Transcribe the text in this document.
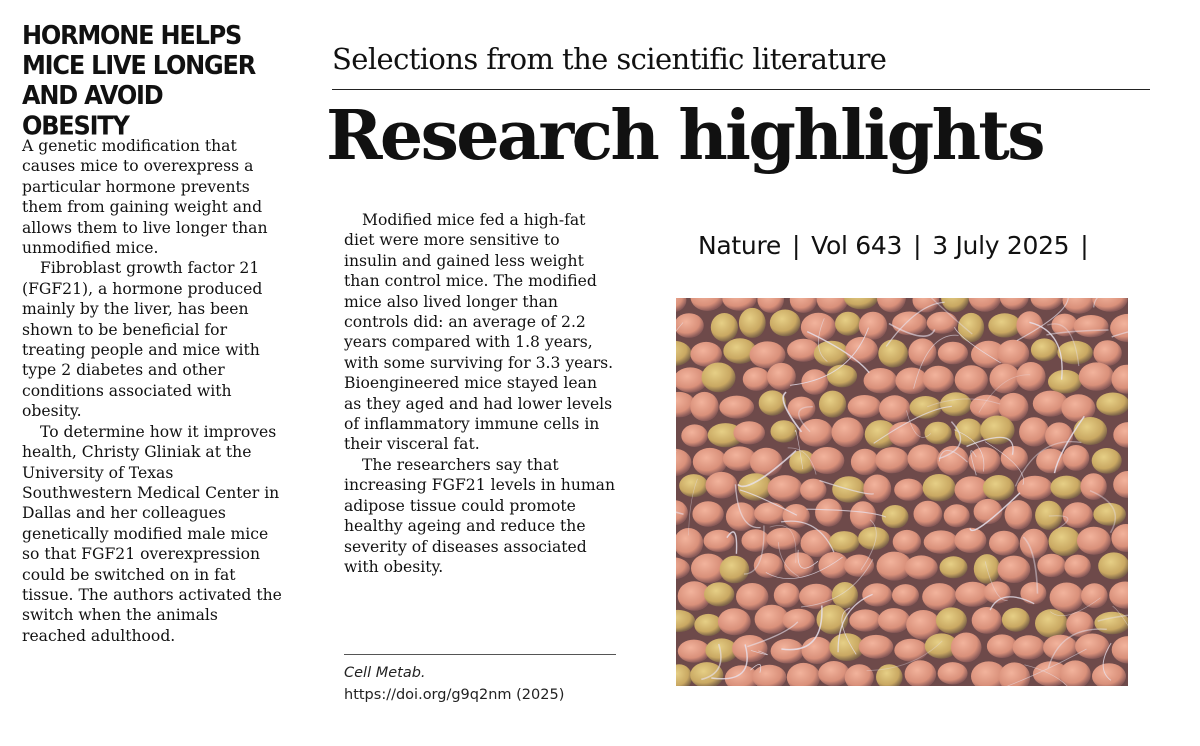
HORMONE HELPS MICE LIVE LONGER AND AVOID OBESITY

A genetic modification that causes mice to overexpress a particular hormone prevents them from gaining weight and allows them to live longer than unmodified mice.

Fibroblast growth factor 21 (FGF21), a hormone produced mainly by the liver, has been shown to be beneficial for treating people and mice with type 2 diabetes and other conditions associated with obesity.

To determine how it improves health, Christy Gliniak at the University of Texas Southwestern Medical Center in Dallas and her colleagues genetically modified male mice so that FGF21 overexpression could be switched on in fat tissue. The authors activated the switch when the animals reached adulthood.

Selections from the scientific literature
Research highlights
Nature | Vol 643 | 3 July 2025 |

Modified mice fed a high-fat diet were more sensitive to insulin and gained less weight than control mice. The modified mice also lived longer than controls did: an average of 2.2 years compared with 1.8 years, with some surviving for 3.3 years. Bioengineered mice stayed lean as they aged and had lower levels of inflammatory immune cells in their visceral fat.

The researchers say that increasing FGF21 levels in human adipose tissue could promote healthy ageing and reduce the severity of diseases associated with obesity.

Cell Metab. https://doi.org/g9q2nm (2025)
